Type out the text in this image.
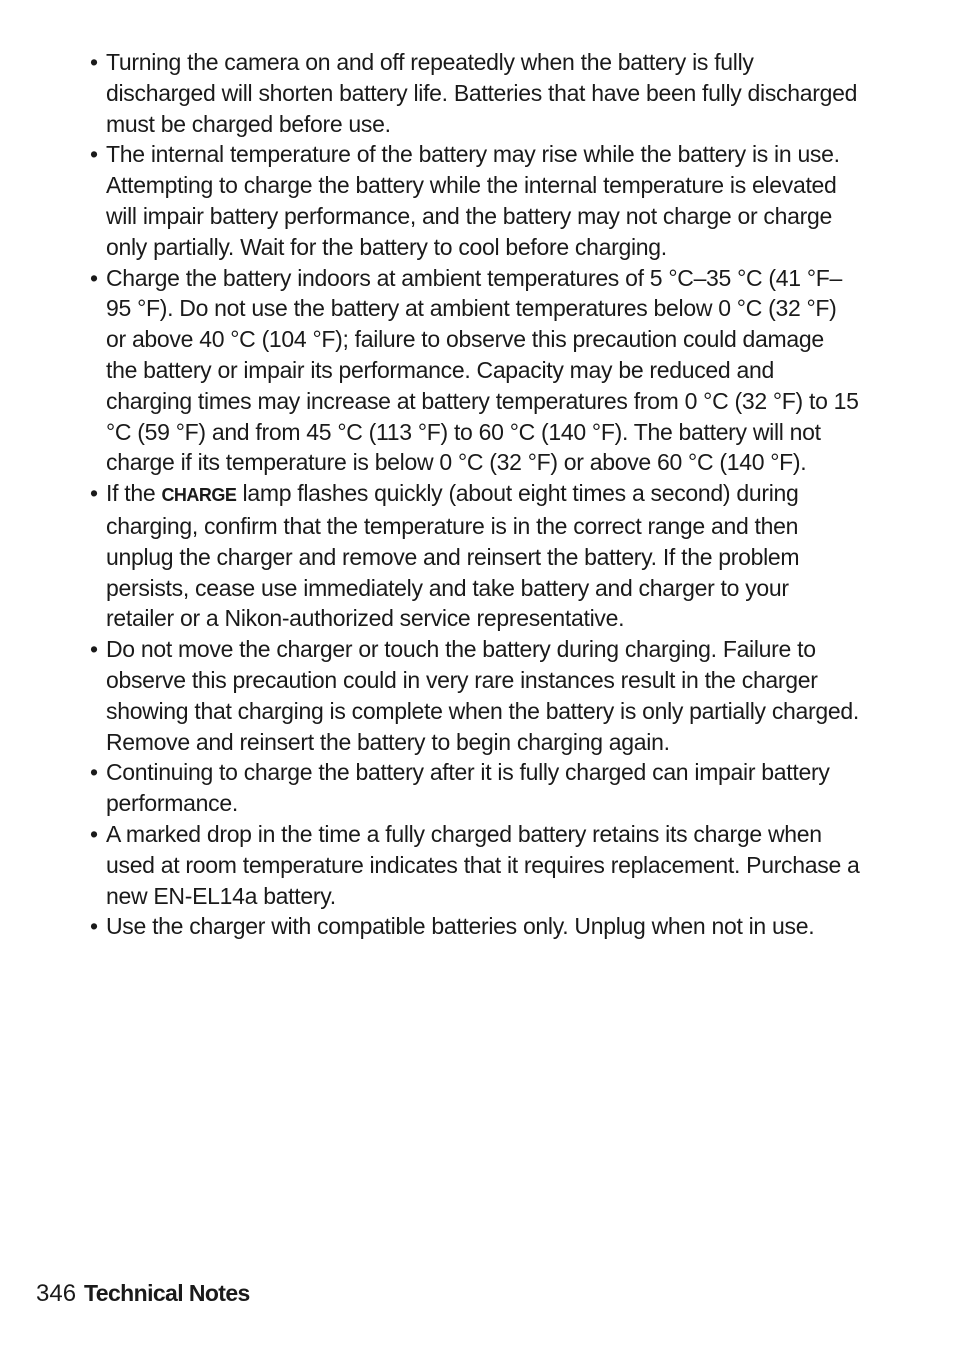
• Turning the camera on and off repeatedly when the battery is fully discharged will shorten battery life. Batteries that have been fully discharged must be charged before use.

• The internal temperature of the battery may rise while the battery is in use. Attempting to charge the battery while the internal temperature is elevated will impair battery performance, and the battery may not charge or charge only partially. Wait for the battery to cool before charging.

• Charge the battery indoors at ambient temperatures of 5 °C–35 °C (41 °F–95 °F). Do not use the battery at ambient temperatures below 0 °C (32 °F) or above 40 °C (104 °F); failure to observe this precaution could damage the battery or impair its performance. Capacity may be reduced and charging times may increase at battery temperatures from 0 °C (32 °F) to 15 °C (59 °F) and from 45 °C (113 °F) to 60 °C (140 °F). The battery will not charge if its temperature is below 0 °C (32 °F) or above 60 °C (140 °F).

• If the CHARGE lamp flashes quickly (about eight times a second) during charging, confirm that the temperature is in the correct range and then unplug the charger and remove and reinsert the battery. If the problem persists, cease use immediately and take battery and charger to your retailer or a Nikon-authorized service representative.

• Do not move the charger or touch the battery during charging. Failure to observe this precaution could in very rare instances result in the charger showing that charging is complete when the battery is only partially charged. Remove and reinsert the battery to begin charging again.

• Continuing to charge the battery after it is fully charged can impair battery performance.

• A marked drop in the time a fully charged battery retains its charge when used at room temperature indicates that it requires replacement. Purchase a new EN-EL14a battery.

• Use the charger with compatible batteries only. Unplug when not in use.

346 Technical Notes
